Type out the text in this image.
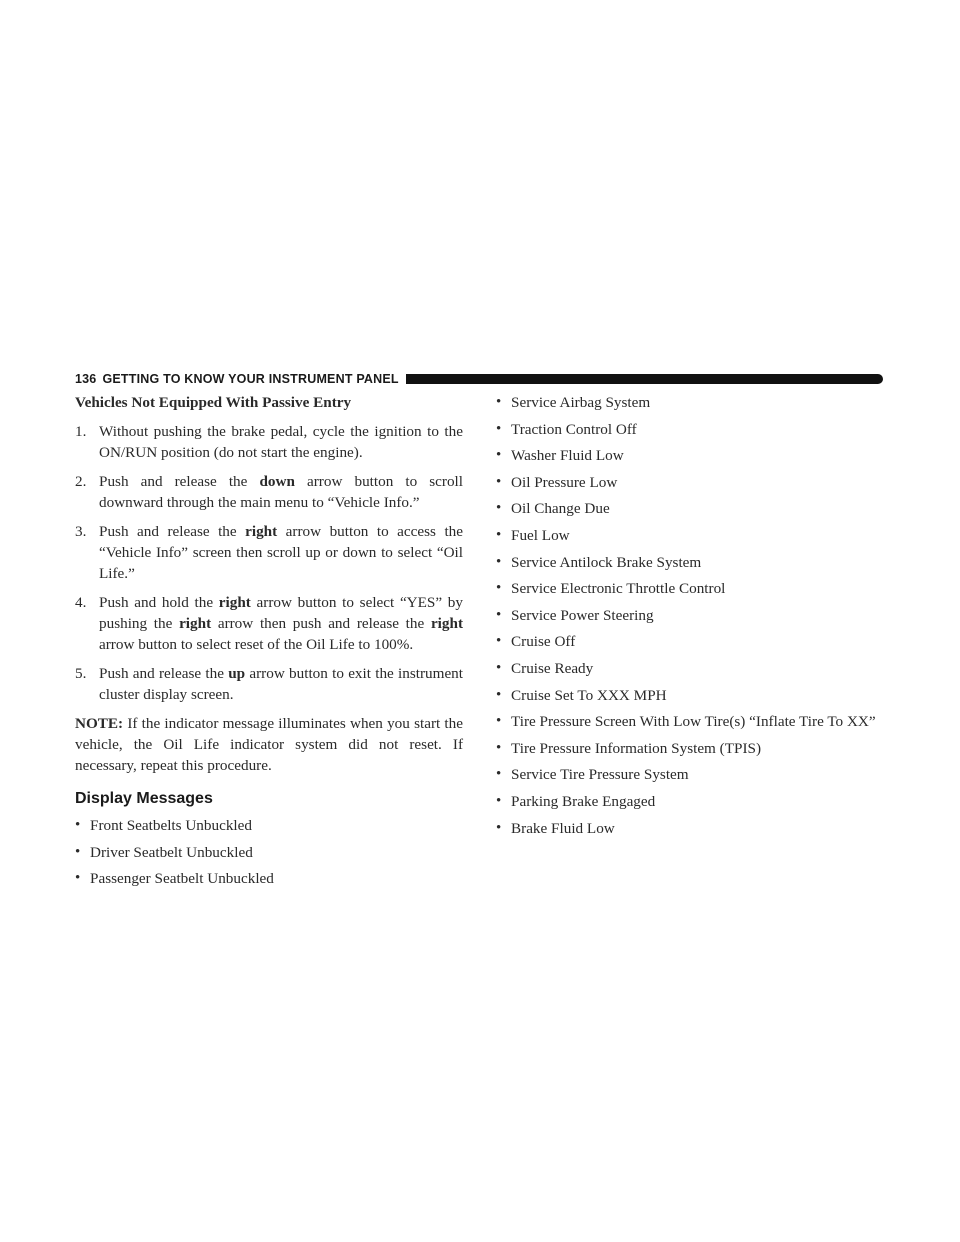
136 GETTING TO KNOW YOUR INSTRUMENT PANEL
Vehicles Not Equipped With Passive Entry
1. Without pushing the brake pedal, cycle the ignition to the ON/RUN position (do not start the engine).
2. Push and release the down arrow button to scroll downward through the main menu to “Vehicle Info.”
3. Push and release the right arrow button to access the “Vehicle Info” screen then scroll up or down to select “Oil Life.”
4. Push and hold the right arrow button to select “YES” by pushing the right arrow then push and release the right arrow button to select reset of the Oil Life to 100%.
5. Push and release the up arrow button to exit the instrument cluster display screen.

NOTE: If the indicator message illuminates when you start the vehicle, the Oil Life indicator system did not reset. If necessary, repeat this procedure.

Display Messages
• Front Seatbelts Unbuckled
• Driver Seatbelt Unbuckled
• Passenger Seatbelt Unbuckled
• Service Airbag System
• Traction Control Off
• Washer Fluid Low
• Oil Pressure Low
• Oil Change Due
• Fuel Low
• Service Antilock Brake System
• Service Electronic Throttle Control
• Service Power Steering
• Cruise Off
• Cruise Ready
• Cruise Set To XXX MPH
• Tire Pressure Screen With Low Tire(s) “Inflate Tire To XX”
• Tire Pressure Information System (TPIS)
• Service Tire Pressure System
• Parking Brake Engaged
• Brake Fluid Low
